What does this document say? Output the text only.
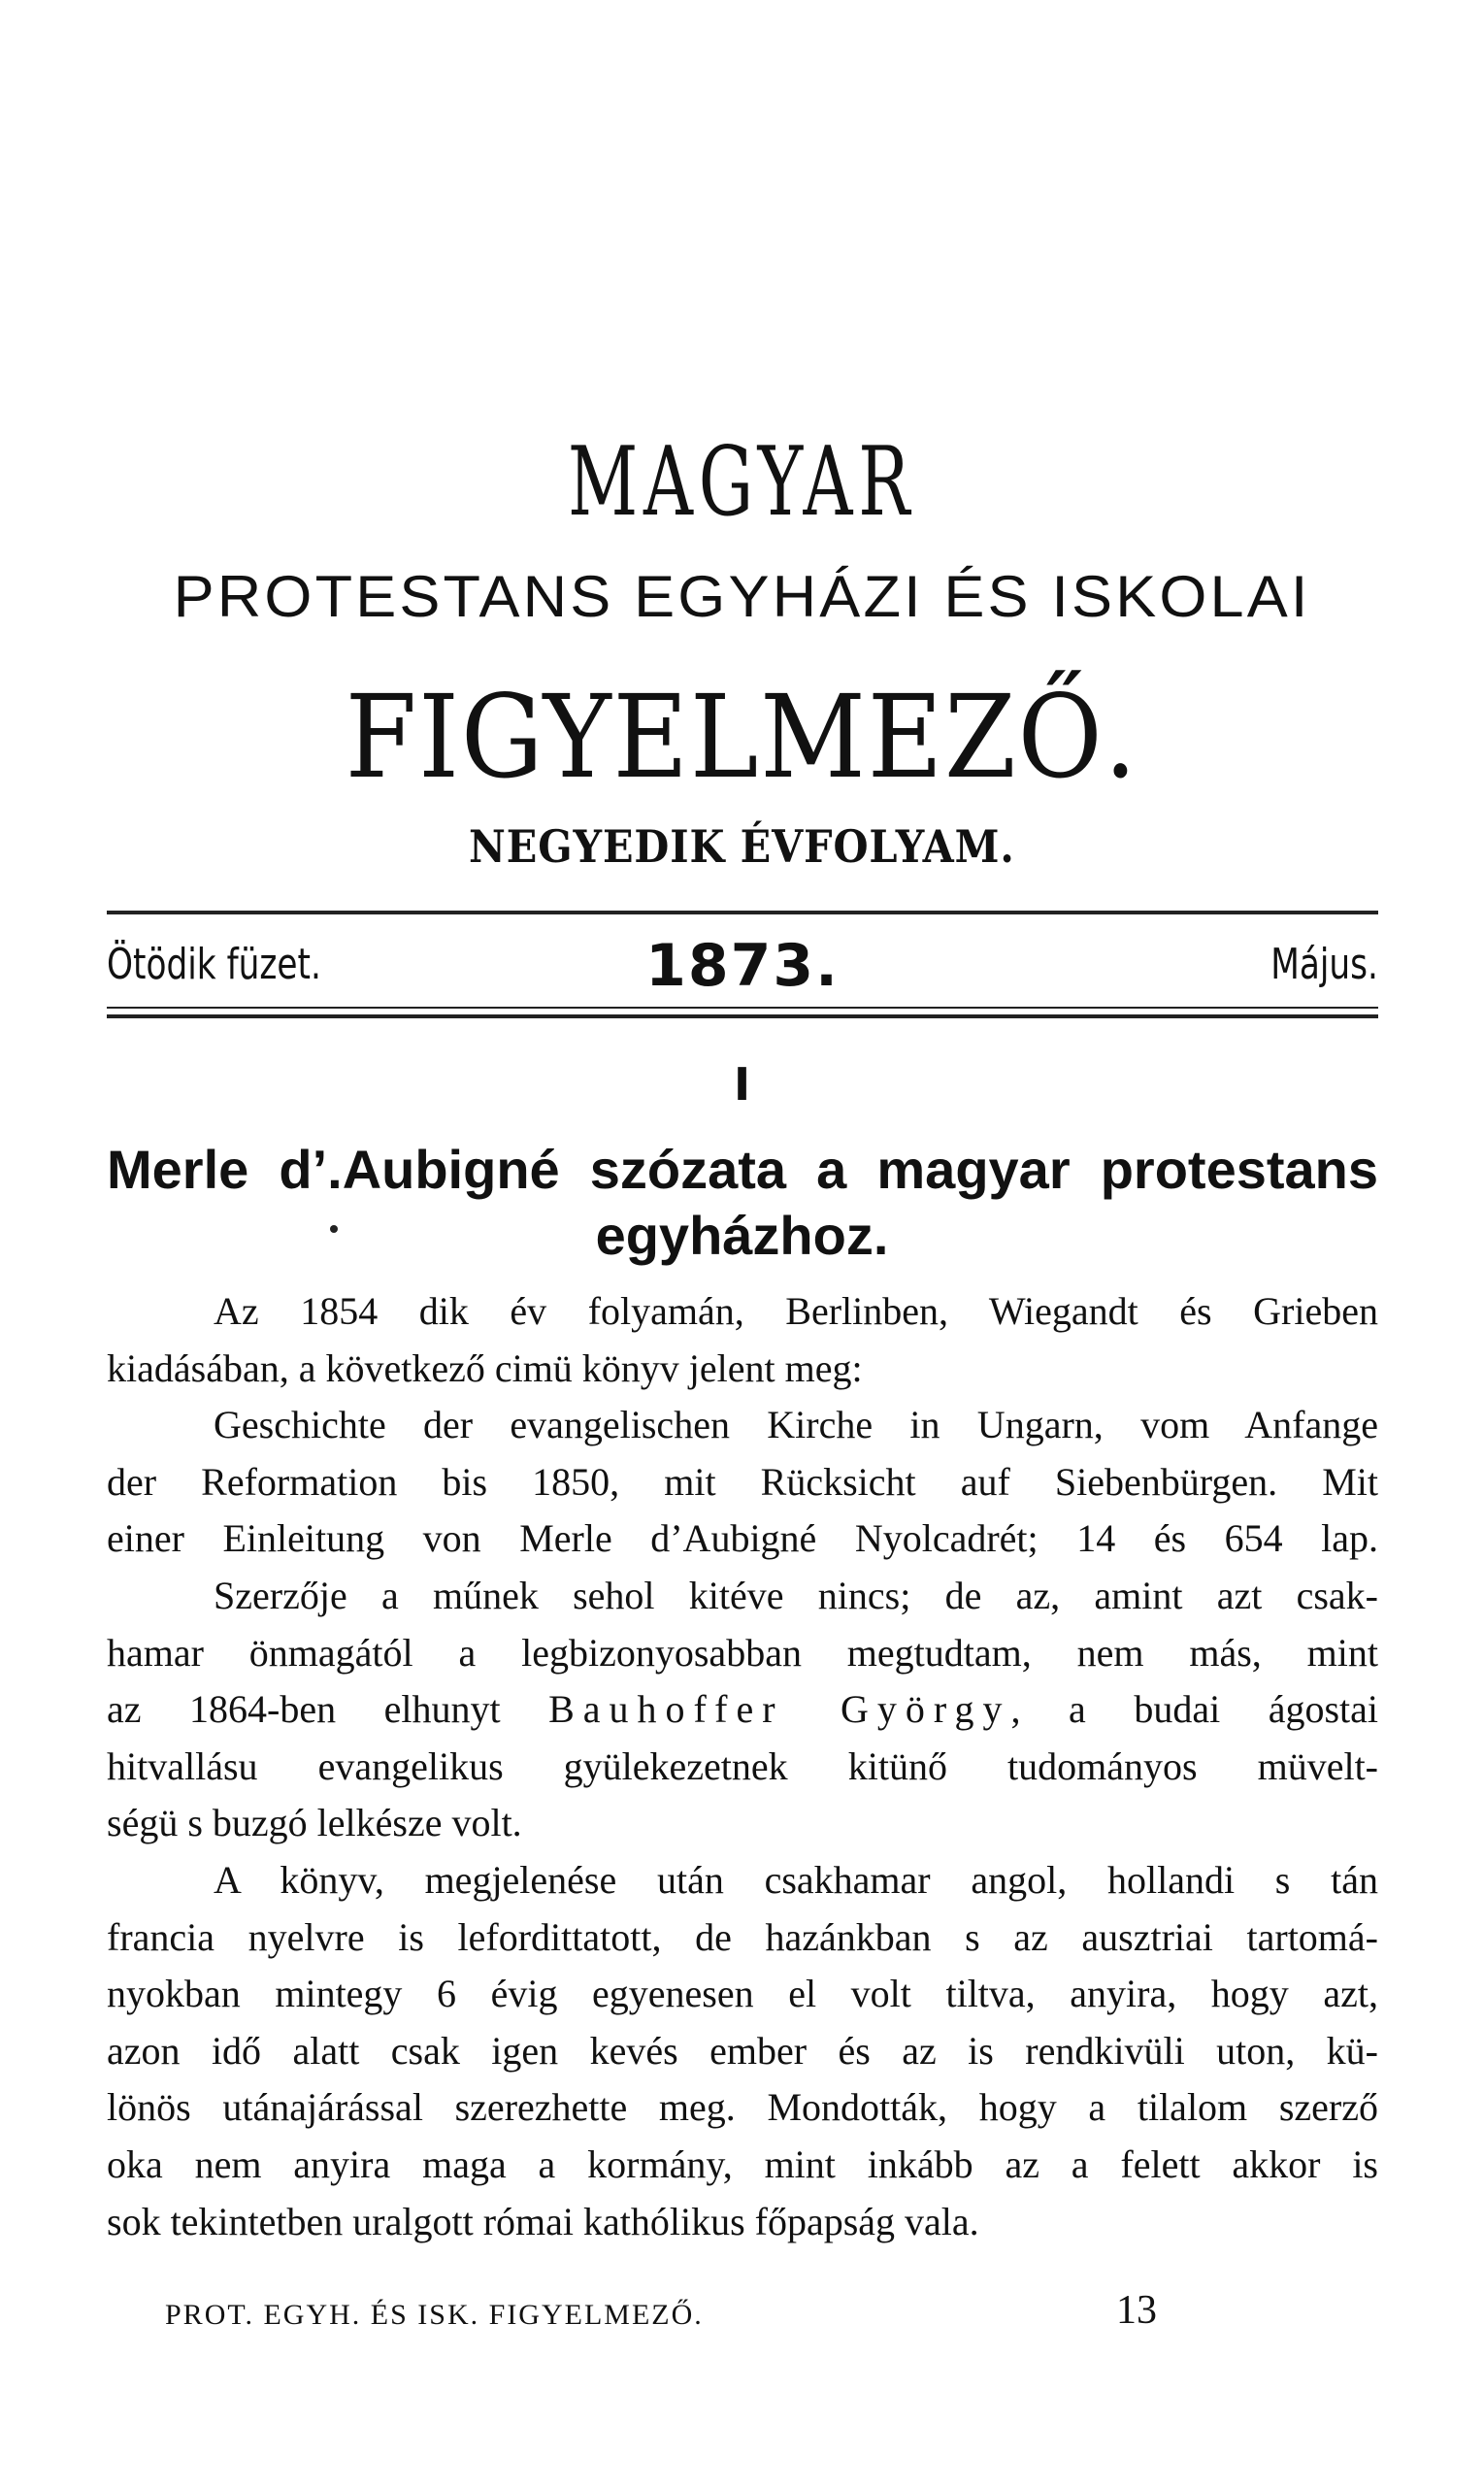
MAGYAR
PROTESTANS EGYHÁZI ÉS ISKOLAI
FIGYELMEZŐ.
NEGYEDIK ÉVFOLYAM.
Ötödik füzet.	1873.	Május.
I
Merle d’.Aubigné szózata a magyar protestans
egyházhoz.
Az 1854 dik év folyamán, Berlinben, Wiegandt és Grieben
kiadásában, a következő cimü könyv jelent meg:
Geschichte der evangelischen Kirche in Ungarn, vom Anfange
der Reformation bis 1850, mit Rücksicht auf Siebenbürgen. Mit
einer Einleitung von Merle d’Aubigné Nyolcadrét; 14 és 654 lap.
Szerzője a műnek sehol kitéve nincs; de az, amint azt csak-
hamar önmagától a legbizonyosabban megtudtam, nem más, mint
az 1864-ben elhunyt Bauhoffer György, a budai ágostai
hitvallásu evangelikus gyülekezetnek kitünő tudományos müvelt-
ségü s buzgó lelkésze volt.
A könyv, megjelenése után csakhamar angol, hollandi s tán
francia nyelvre is lefordittatott, de hazánkban s az ausztriai tartomá-
nyokban mintegy 6 évig egyenesen el volt tiltva, anyira, hogy azt,
azon idő alatt csak igen kevés ember és az is rendkivüli uton, kü-
lönös utánajárással szerezhette meg. Mondották, hogy a tilalom szerző
oka nem anyira maga a kormány, mint inkább az a felett akkor is
sok tekintetben uralgott római kathólikus főpapság vala.
PROT. EGYH. ÉS ISK. FIGYELMEZŐ.	13
